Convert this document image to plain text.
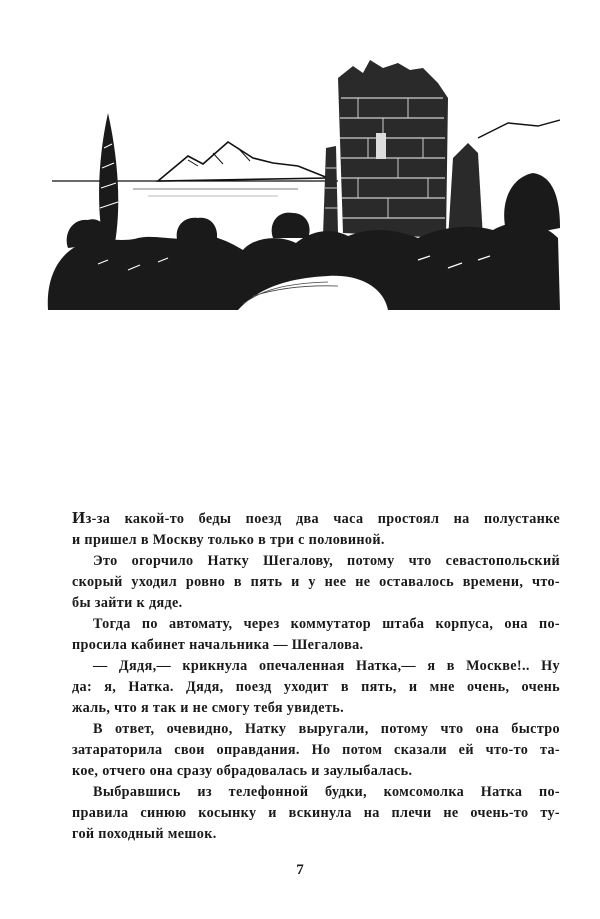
Из-за какой-то беды поезд два часа простоял на полустанке
и пришел в Москву только в три с половиной.

Это огорчило Натку Шегалову, потому что севастопольский
скорый уходил ровно в пять и у нее не оставалось времени, что-
бы зайти к дяде.

Тогда по автомату, через коммутатор штаба корпуса, она по-
просила кабинет начальника — Шегалова.

— Дядя,— крикнула опечаленная Натка,— я в Москве!.. Ну
да: я, Натка. Дядя, поезд уходит в пять, и мне очень, очень
жаль, что я так и не смогу тебя увидеть.

В ответ, очевидно, Натку выругали, потому что она быстро
затараторила свои оправдания. Но потом сказали ей что-то та-
кое, отчего она сразу обрадовалась и заулыбалась.

Выбравшись из телефонной будки, комсомолка Натка по-
правила синюю косынку и вскинула на плечи не очень-то ту-
гой походный мешок.

7
